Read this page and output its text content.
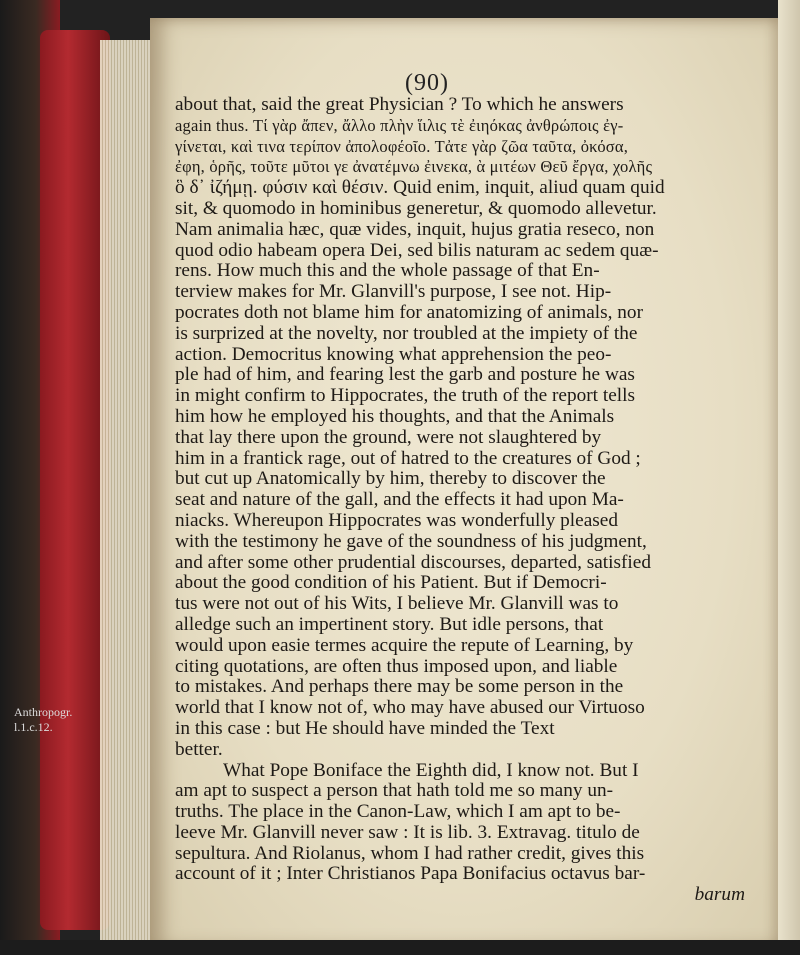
(90)
Anthropogr.
l.1.c.12.
about that, said the great Physician ? To which he answers
again thus. Τί γὰρ ἄπεν, ἄλλο πλὴν ἵιλις τὲ ἐιηόκας ἀνθρώποις ἐγ-
γίνεται, καὶ τινα τερίπον ἀπολοφέοῖο. Τἀτε γὰρ ζῶα ταῦτα, ὀκόσα,
ἐφη, ὁρῆς, τοῦτε μῦτοι γε ἀνατέμνω ἐινεκα, ὰ μιτέων Θεῦ ἔργα, χολῆς
ὃ δ᾽ ἰζήμῃ. φύσιν καὶ θέσιν. Quid enim, inquit, aliud quam quid
sit, & quomodo in hominibus generetur, & quomodo allevetur.
Nam animalia hæc, quæ vides, inquit, hujus gratia reseco, non
quod odio habeam opera Dei, sed bilis naturam ac sedem quæ-
rens. How much this and the whole passage of that En-
terview makes for Mr. Glanvill's purpose, I see not. Hip-
pocrates doth not blame him for anatomizing of animals, nor
is surprized at the novelty, nor troubled at the impiety of the
action. Democritus knowing what apprehension the peo-
ple had of him, and fearing lest the garb and posture he was
in might confirm to Hippocrates, the truth of the report tells
him how he employed his thoughts, and that the Animals
that lay there upon the ground, were not slaughtered by
him in a frantick rage, out of hatred to the creatures of God ;
but cut up Anatomically by him, thereby to discover the
seat and nature of the gall, and the effects it had upon Ma-
niacks. Whereupon Hippocrates was wonderfully pleased
with the testimony he gave of the soundness of his judgment,
and after some other prudential discourses, departed, satisfied
about the good condition of his Patient. But if Democri-
tus were not out of his Wits, I believe Mr. Glanvill was to
alledge such an impertinent story. But idle persons, that
would upon easie termes acquire the repute of Learning, by
citing quotations, are often thus imposed upon, and liable
to mistakes. And perhaps there may be some person in the
world that I know not of, who may have abused our Virtuoso
in this case : but He should have minded the Text
better.
What Pope Boniface the Eighth did, I know not. But I
am apt to suspect a person that hath told me so many un-
truths. The place in the Canon-Law, which I am apt to be-
leeve Mr. Glanvill never saw : It is lib. 3. Extravag. titulo de
sepultura. And Riolanus, whom I had rather credit, gives this
account of it ; Inter Christianos Papa Bonifacius octavus bar-
barum
